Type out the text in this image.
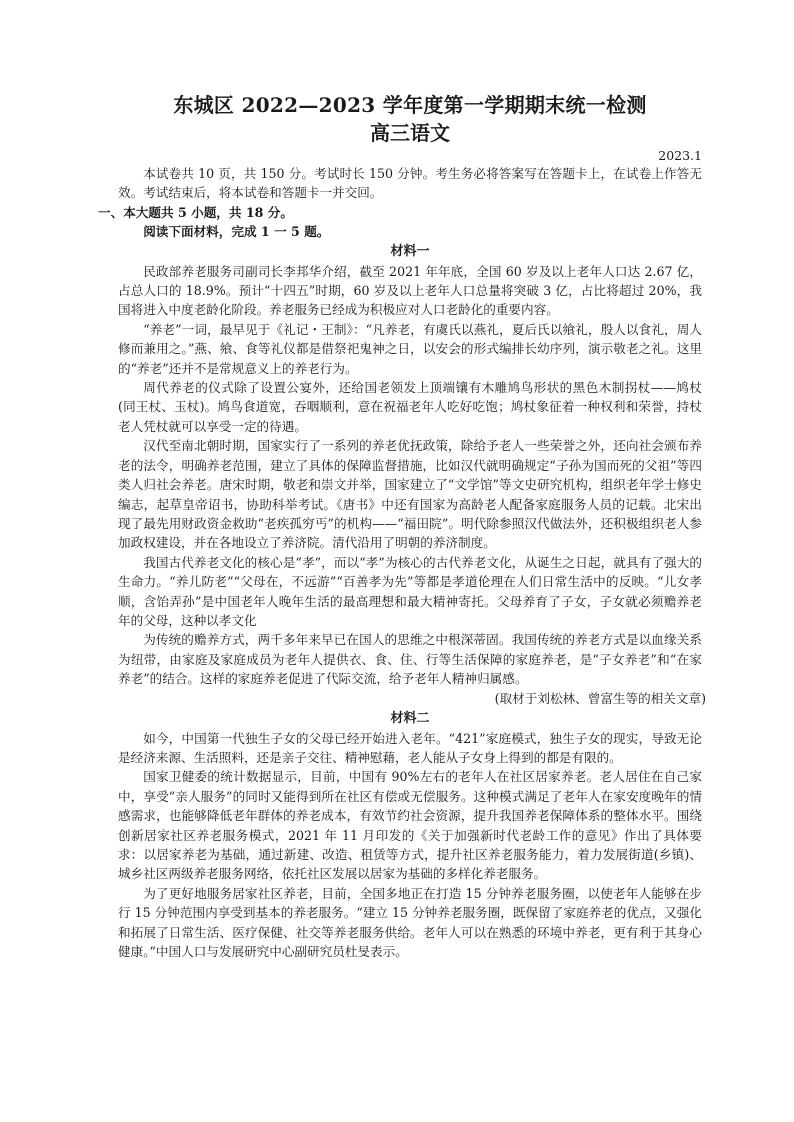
东城区 2022—2023 学年度第一学期期末统一检测
高三语文
2023.1

本试卷共 10 页，共 150 分。考试时长 150 分钟。考生务必将答案写在答题卡上，在试卷上作答无效。考试结束后，将本试卷和答题卡一并交回。

一、本大题共 5 小题，共 18 分。
阅读下面材料，完成 1 一 5 题。
材料一

民政部养老服务司副司长李邦华介绍，截至 2021 年年底，全国 60 岁及以上老年人口达 2.67 亿，占总人口的 18.9%。预计“十四五”时期，60 岁及以上老年人口总量将突破 3 亿，占比将超过 20%，我国将进入中度老龄化阶段。养老服务已经成为积极应对人口老龄化的重要内容。

“养老”一词，最早见于《礼记・王制》：“凡养老，有虞氏以燕礼，夏后氏以飨礼，殷人以食礼，周人修而兼用之。”燕、飨、食等礼仪都是借祭祀鬼神之日，以安会的形式编排长幼序列，演示敬老之礼。这里的“养老”还并不是常规意义上的养老行为。

周代养老的仪式除了设置公宴外，还给国老领发上顶端镶有木雕鸠鸟形状的黑色木制拐杖——鸠杖(同王杖、玉杖)。鸠鸟食道宽，吞咽顺利，意在祝福老年人吃好吃饱；鸠杖象征着一种权利和荣誉，持杖老人凭杖就可以享受一定的待遇。

汉代至南北朝时期，国家实行了一系列的养老优抚政策，除给予老人一些荣誉之外，还向社会颁布养老的法令，明确养老范围，建立了具体的保障监督措施，比如汉代就明确规定“子孙为国而死的父祖”等四类人归社会养老。唐宋时期，敬老和崇文并举，国家建立了“文学馆”等文史研究机构，组织老年学士修史编志，起草皇帝诏书，协助科举考试。《唐书》中还有国家为高龄老人配备家庭服务人员的记载。北宋出现了最先用财政资金救助“老疾孤穷丐”的机构——“福田院”。明代除参照汉代做法外，还积极组织老人参加政权建设，并在各地设立了养济院。清代沿用了明朝的养济制度。

我国古代养老文化的核心是“孝”，而以“孝”为核心的古代养老文化，从诞生之日起，就具有了强大的生命力。“养儿防老”“父母在，不远游”“百善孝为先”等都是孝道伦理在人们日常生活中的反映。“儿女孝顺，含饴弄孙”是中国老年人晚年生活的最高理想和最大精神寄托。父母养育了子女，子女就必须赡养老年的父母，这种以孝文化

为传统的赡养方式，两千多年来早已在国人的思维之中根深蒂固。我国传统的养老方式是以血缘关系为纽带，由家庭及家庭成员为老年人提供衣、食、住、行等生活保障的家庭养老，是“子女养老”和“在家养老”的结合。这样的家庭养老促进了代际交流，给予老年人精神归属感。

(取材于刘松林、曾富生等的相关文章)
材料二

如今，中国第一代独生子女的父母已经开始进入老年。“421”家庭模式，独生子女的现实，导致无论是经济来源、生活照料，还是亲子交往、精神慰藉，老人能从子女身上得到的都是有限的。

国家卫健委的统计数据显示，目前，中国有 90%左右的老年人在社区居家养老。老人居住在自己家中，享受“亲人服务”的同时又能得到所在社区有偿或无偿服务。这种模式满足了老年人在家安度晚年的情感需求，也能够降低老年群体的养老成本，有效节约社会资源，提升我国养老保障体系的整体水平。围绕创新居家社区养老服务模式，2021 年 11 月印发的《关于加强新时代老龄工作的意见》作出了具体要求：以居家养老为基础，通过新建、改造、租赁等方式，提升社区养老服务能力，着力发展街道(乡镇)、城乡社区两级养老服务网络，依托社区发展以居家为基础的多样化养老服务。

为了更好地服务居家社区养老，目前，全国多地正在打造 15 分钟养老服务圈，以使老年人能够在步行 15 分钟范围内享受到基本的养老服务。“建立 15 分钟养老服务圈，既保留了家庭养老的优点，又强化和拓展了日常生活、医疗保健、社交等养老服务供给。老年人可以在熟悉的环境中养老，更有利于其身心健康。”中国人口与发展研究中心副研究员杜旻表示。
